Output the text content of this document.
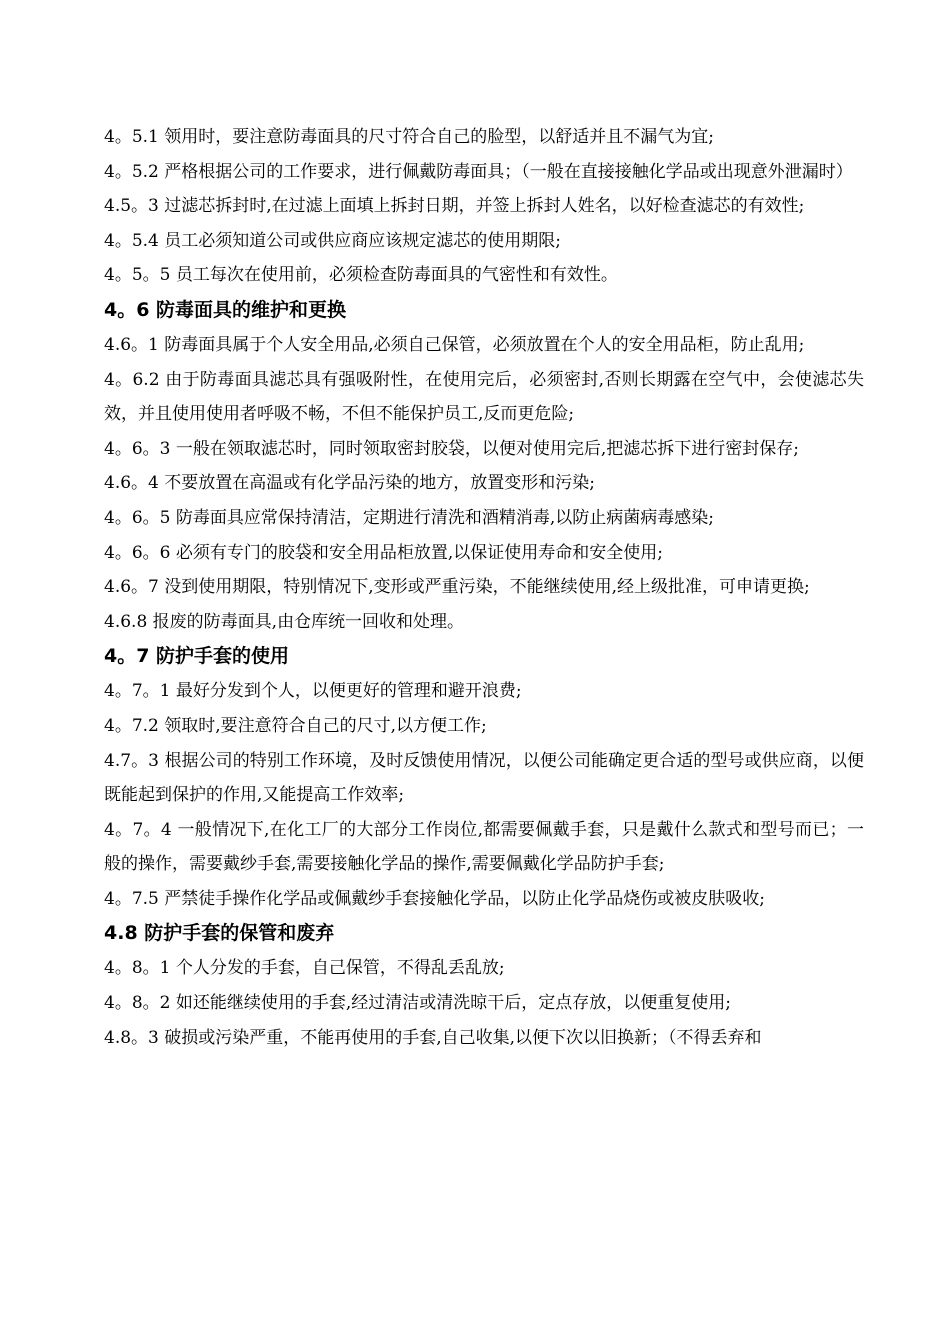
4。5.1 领用时，要注意防毒面具的尺寸符合自己的脸型，以舒适并且不漏气为宜;

4。5.2 严格根据公司的工作要求，进行佩戴防毒面具；（一般在直接接触化学品或出现意外泄漏时）

4.5。3 过滤芯拆封时,在过滤上面填上拆封日期，并签上拆封人姓名，以好检查滤芯的有效性;

4。5.4 员工必须知道公司或供应商应该规定滤芯的使用期限;

4。5。5 员工每次在使用前，必须检查防毒面具的气密性和有效性。

4。6 防毒面具的维护和更换

4.6。1 防毒面具属于个人安全用品,必须自己保管，必须放置在个人的安全用品柜，防止乱用;

4。6.2 由于防毒面具滤芯具有强吸附性，在使用完后，必须密封,否则长期露在空气中，会使滤芯失效，并且使用使用者呼吸不畅，不但不能保护员工,反而更危险;

4。6。3 一般在领取滤芯时，同时领取密封胶袋，以便对使用完后,把滤芯拆下进行密封保存;

4.6。4 不要放置在高温或有化学品污染的地方，放置变形和污染;

4。6。5 防毒面具应常保持清洁，定期进行清洗和酒精消毒,以防止病菌病毒感染;

4。6。6 必须有专门的胶袋和安全用品柜放置,以保证使用寿命和安全使用;

4.6。7 没到使用期限，特别情况下,变形或严重污染，不能继续使用,经上级批准，可申请更换;

4.6.8 报废的防毒面具,由仓库统一回收和处理。

4。7 防护手套的使用

4。7。1 最好分发到个人，以便更好的管理和避开浪费;

4。7.2 领取时,要注意符合自己的尺寸,以方便工作;

4.7。3 根据公司的特别工作环境，及时反馈使用情况，以便公司能确定更合适的型号或供应商，以便既能起到保护的作用,又能提高工作效率;

4。7。4 一般情况下,在化工厂的大部分工作岗位,都需要佩戴手套，只是戴什么款式和型号而已；一般的操作，需要戴纱手套,需要接触化学品的操作,需要佩戴化学品防护手套;

4。7.5 严禁徒手操作化学品或佩戴纱手套接触化学品，以防止化学品烧伤或被皮肤吸收;

4.8 防护手套的保管和废弃

4。8。1 个人分发的手套，自己保管，不得乱丢乱放;

4。8。2 如还能继续使用的手套,经过清洁或清洗晾干后，定点存放，以便重复使用;

4.8。3 破损或污染严重，不能再使用的手套,自己收集,以便下次以旧换新；（不得丢弃和
